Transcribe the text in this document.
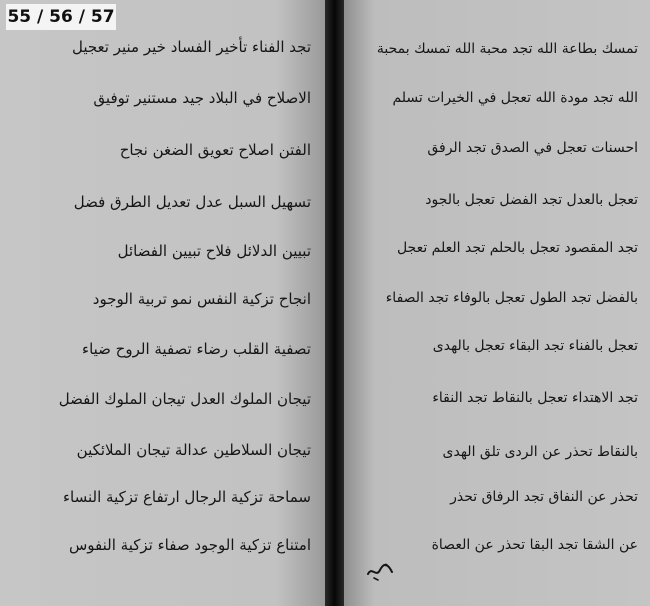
55 / 56 / 57
تجد الفناء تأخير الفساد خير منير تعجيل
الاصلاح في البلاد جيد مستنير توفيق
الفتن اصلاح تعويق الضغن نجاح
تسهيل السبل عدل تعديل الطرق فضل
تبيين الدلائل فلاح تبيين الفضائل
انجاح تزكية النفس نمو تربية الوجود
تصفية القلب رضاء تصفية الروح ضياء
تيجان الملوك العدل تيجان الملوك الفضل
تيجان السلاطين عدالة تيجان الملائكين
سماحة تزكية الرجال ارتفاع تزكية النساء
امتناع تزكية الوجود صفاء تزكية النفوس
تمسك بطاعة الله تجد محبة الله تمسك بمحبة
الله تجد مودة الله تعجل في الخيرات تسلم
احسنات تعجل في الصدق تجد الرفق
تعجل بالعدل تجد الفضل تعجل بالجود
تجد المقصود تعجل بالحلم تجد العلم تعجل
بالفضل تجد الطول تعجل بالوفاء تجد الصفاء
تعجل بالفناء تجد البقاء تعجل بالهدى
تجد الاهتداء تعجل بالنقاط تجد النقاء
بالنقاط تحذر عن الردى تلق الهدى
تحذر عن النفاق تجد الرفاق تحذر
عن الشقا تجد البقا تحذر عن العصاة
